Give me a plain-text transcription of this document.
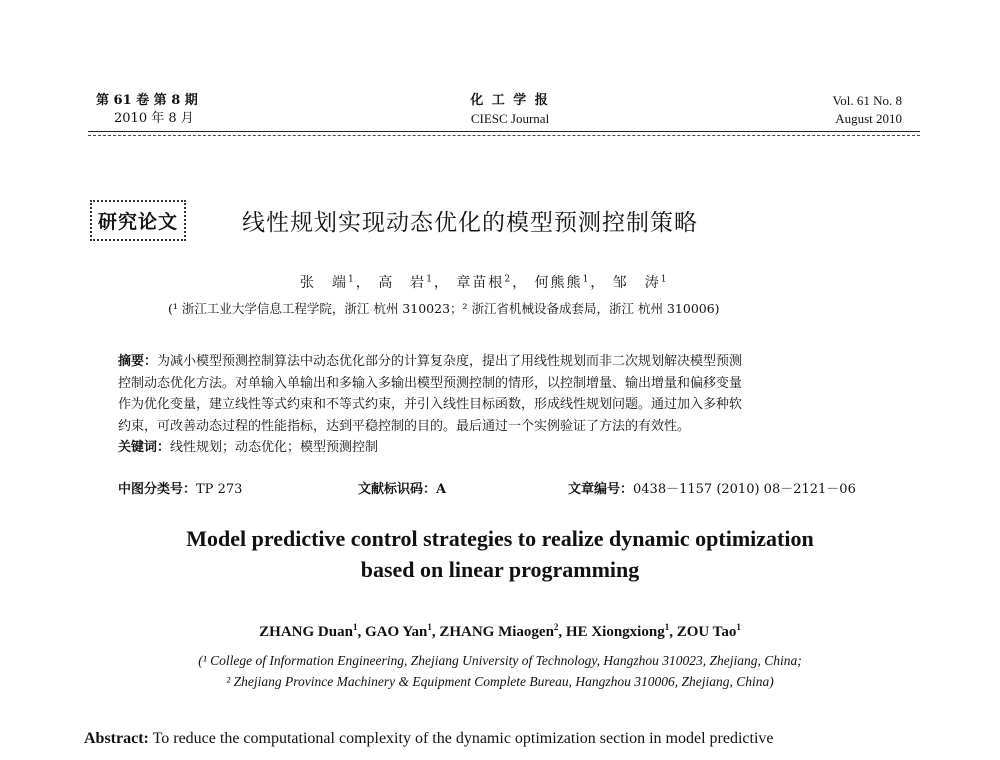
第 61 卷 第 8 期
2010 年 8 月
化 工 学 报
CIESC Journal
Vol. 61 No. 8
August 2010
研究论文	线性规划实现动态优化的模型预测控制策略
张　端$^1$， 高　岩$^1$， 章苗根$^2$， 何熊熊$^1$， 邹　涛$^1$
(¹ 浙江工业大学信息工程学院，浙江 杭州 310023；² 浙江省机械设备成套局，浙江 杭州 310006)
摘要：为减小模型预测控制算法中动态优化部分的计算复杂度，提出了用线性规划而非二次规划解决模型预测
控制动态优化方法。对单输入单输出和多输入多输出模型预测控制的情形，以控制增量、输出增量和偏移变量
作为优化变量，建立线性等式约束和不等式约束，并引入线性目标函数，形成线性规划问题。通过加入多种软
约束，可改善动态过程的性能指标，达到平稳控制的目的。最后通过一个实例验证了方法的有效性。
关键词：线性规划；动态优化；模型预测控制
中图分类号：TP 273	文献标识码：A	文章编号：0438－1157 (2010) 08－2121－06
Model predictive control strategies to realize dynamic optimization
based on linear programming
ZHANG Duan$^1$, GAO Yan$^1$, ZHANG Miaogen$^2$, HE Xiongxiong$^1$, ZOU Tao$^1$
(¹ College of Information Engineering, Zhejiang University of Technology, Hangzhou 310023, Zhejiang, China;
² Zhejiang Province Machinery & Equipment Complete Bureau, Hangzhou 310006, Zhejiang, China)
Abstract: To reduce the computational complexity of the dynamic optimization section in model predictive
